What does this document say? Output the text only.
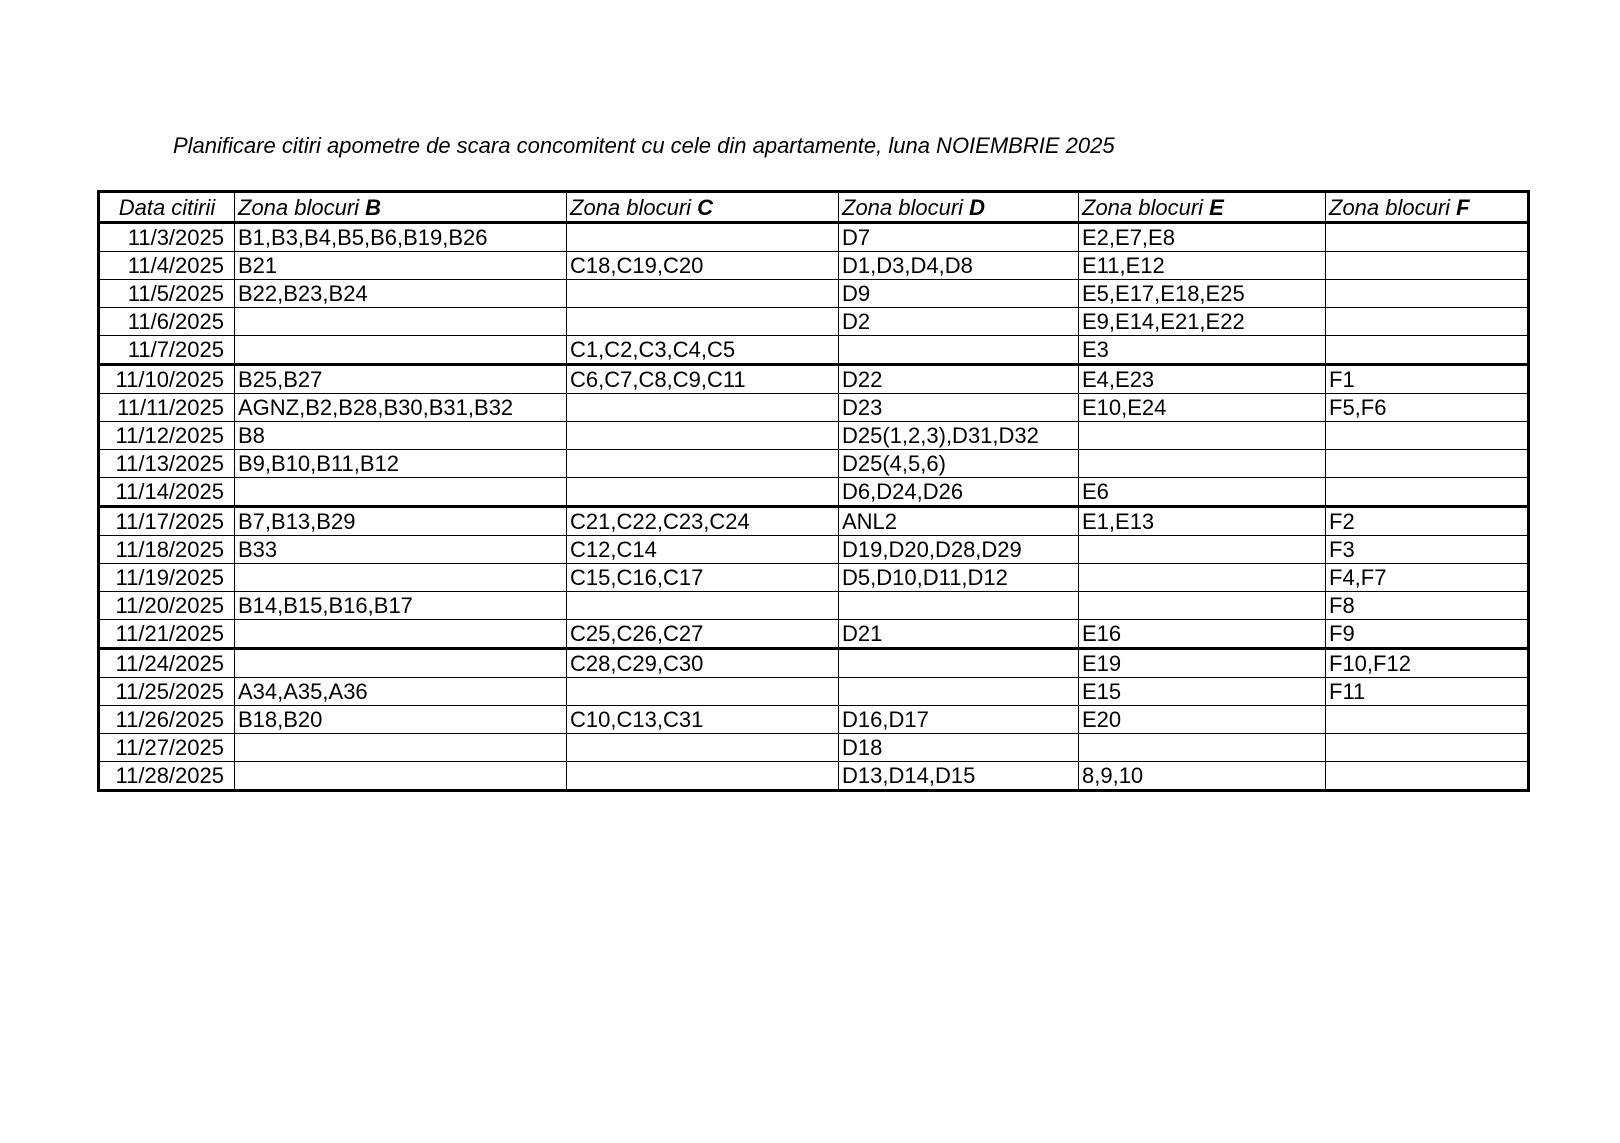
Planificare citiri apometre de scara concomitent cu cele din apartamente, luna NOIEMBRIE 2025
Data citirii	Zona blocuri B	Zona blocuri C	Zona blocuri D	Zona blocuri E	Zona blocuri F
11/3/2025	B1,B3,B4,B5,B6,B19,B26		D7	E2,E7,E8	
11/4/2025	B21	C18,C19,C20	D1,D3,D4,D8	E11,E12	
11/5/2025	B22,B23,B24		D9	E5,E17,E18,E25	
11/6/2025			D2	E9,E14,E21,E22	
11/7/2025		C1,C2,C3,C4,C5		E3	
11/10/2025	B25,B27	C6,C7,C8,C9,C11	D22	E4,E23	F1
11/11/2025	AGNZ,B2,B28,B30,B31,B32		D23	E10,E24	F5,F6
11/12/2025	B8		D25(1,2,3),D31,D32		
11/13/2025	B9,B10,B11,B12		D25(4,5,6)		
11/14/2025			D6,D24,D26	E6	
11/17/2025	B7,B13,B29	C21,C22,C23,C24	ANL2	E1,E13	F2
11/18/2025	B33	C12,C14	D19,D20,D28,D29		F3
11/19/2025		C15,C16,C17	D5,D10,D11,D12		F4,F7
11/20/2025	B14,B15,B16,B17				F8
11/21/2025		C25,C26,C27	D21	E16	F9
11/24/2025		C28,C29,C30		E19	F10,F12
11/25/2025	A34,A35,A36			E15	F11
11/26/2025	B18,B20	C10,C13,C31	D16,D17	E20	
11/27/2025			D18		
11/28/2025			D13,D14,D15	8,9,10	
